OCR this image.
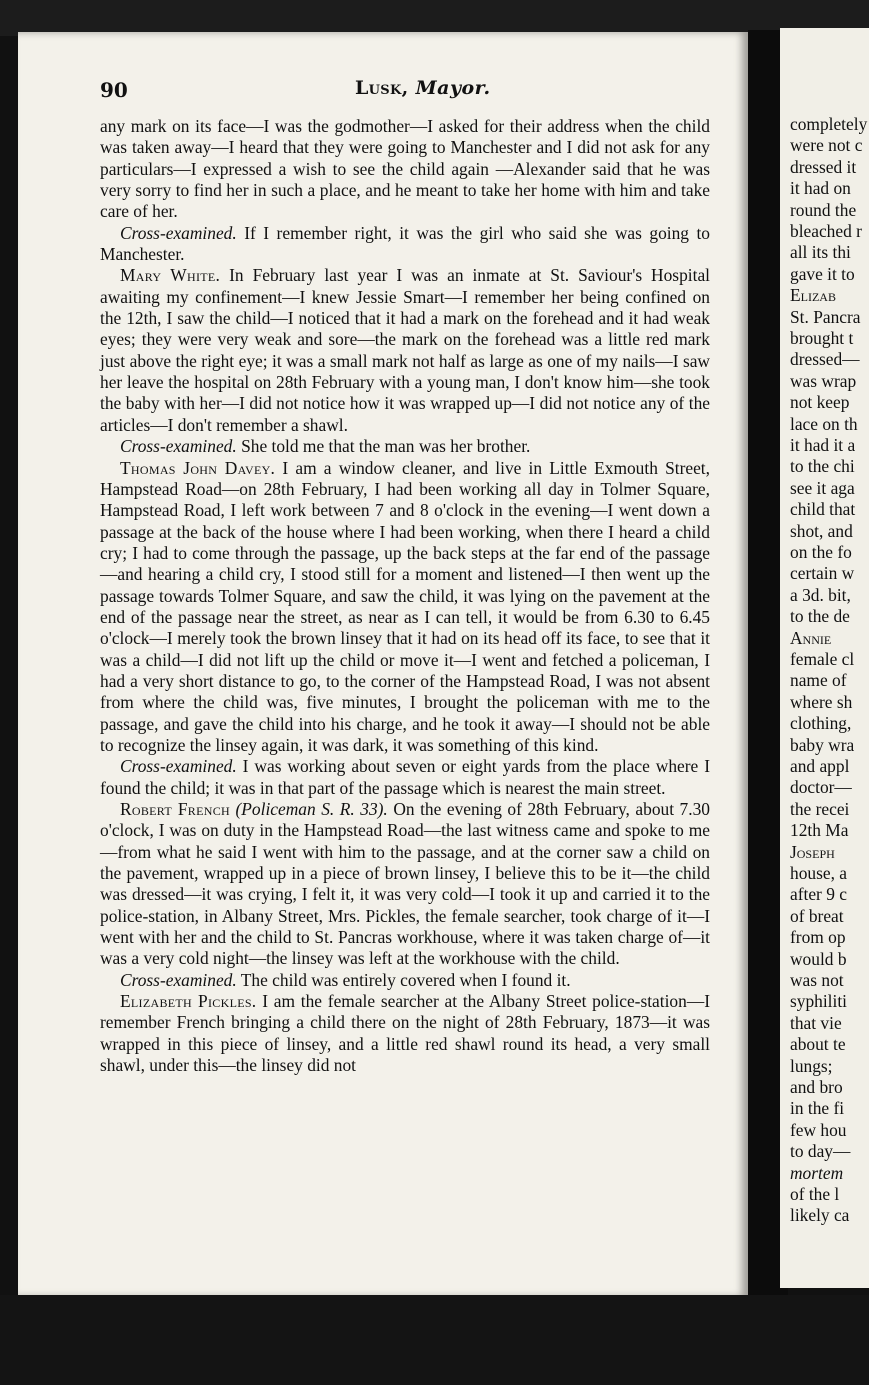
90	Lusk, Mayor.

any mark on its face—I was the godmother—I asked for their address when the child was taken away—I heard that they were going to Manchester and I did not ask for any particulars—I expressed a wish to see the child again —Alexander said that he was very sorry to find her in such a place, and he meant to take her home with him and take care of her.

Cross-examined. If I remember right, it was the girl who said she was going to Manchester.

Mary White. In February last year I was an inmate at St. Saviour's Hospital awaiting my confinement—I knew Jessie Smart—I remember her being confined on the 12th, I saw the child—I noticed that it had a mark on the forehead and it had weak eyes; they were very weak and sore—the mark on the forehead was a little red mark just above the right eye; it was a small mark not half as large as one of my nails—I saw her leave the hospital on 28th February with a young man, I don't know him—she took the baby with her—I did not notice how it was wrapped up—I did not notice any of the articles—I don't remember a shawl.

Cross-examined. She told me that the man was her brother.

Thomas John Davey. I am a window cleaner, and live in Little Exmouth Street, Hampstead Road—on 28th February, I had been working all day in Tolmer Square, Hampstead Road, I left work between 7 and 8 o'clock in the evening—I went down a passage at the back of the house where I had been working, when there I heard a child cry; I had to come through the passage, up the back steps at the far end of the passage—and hearing a child cry, I stood still for a moment and listened—I then went up the passage towards Tolmer Square, and saw the child, it was lying on the pavement at the end of the passage near the street, as near as I can tell, it would be from 6.30 to 6.45 o'clock—I merely took the brown linsey that it had on its head off its face, to see that it was a child—I did not lift up the child or move it—I went and fetched a policeman, I had a very short distance to go, to the corner of the Hampstead Road, I was not absent from where the child was, five minutes, I brought the policeman with me to the passage, and gave the child into his charge, and he took it away—I should not be able to recognize the linsey again, it was dark, it was something of this kind.

Cross-examined. I was working about seven or eight yards from the place where I found the child; it was in that part of the passage which is nearest the main street.

Robert French (Policeman S. R. 33). On the evening of 28th February, about 7.30 o'clock, I was on duty in the Hampstead Road—the last witness came and spoke to me—from what he said I went with him to the passage, and at the corner saw a child on the pavement, wrapped up in a piece of brown linsey, I believe this to be it—the child was dressed—it was crying, I felt it, it was very cold—I took it up and carried it to the police-station, in Albany Street, Mrs. Pickles, the female searcher, took charge of it—I went with her and the child to St. Pancras workhouse, where it was taken charge of—it was a very cold night—the linsey was left at the workhouse with the child.

Cross-examined. The child was entirely covered when I found it.

Elizabeth Pickles. I am the female searcher at the Albany Street police-station—I remember French bringing a child there on the night of 28th February, 1873—it was wrapped in this piece of linsey, and a little red shawl round its head, a very small shawl, under this—the linsey did not

completely
were not c
dressed it
it had on
round the
bleached r
all its thi
gave it to
Elizab
St. Pancra
brought t
dressed—
was wrap
not keep
lace on th
it had it a
to the chi
see it aga
child that
shot, and
on the fo
certain w
a 3d. bit,
to the de
Annie
female cl
name of
where sh
clothing,
baby wra
and appl
doctor—
the recei
12th Ma
Joseph
house, a
after 9 c
of breat
from op
would b
was not
syphiliti
that vie
about te
lungs;
and bro
in the fi
few hou
to day—
mortem
of the l
likely ca
